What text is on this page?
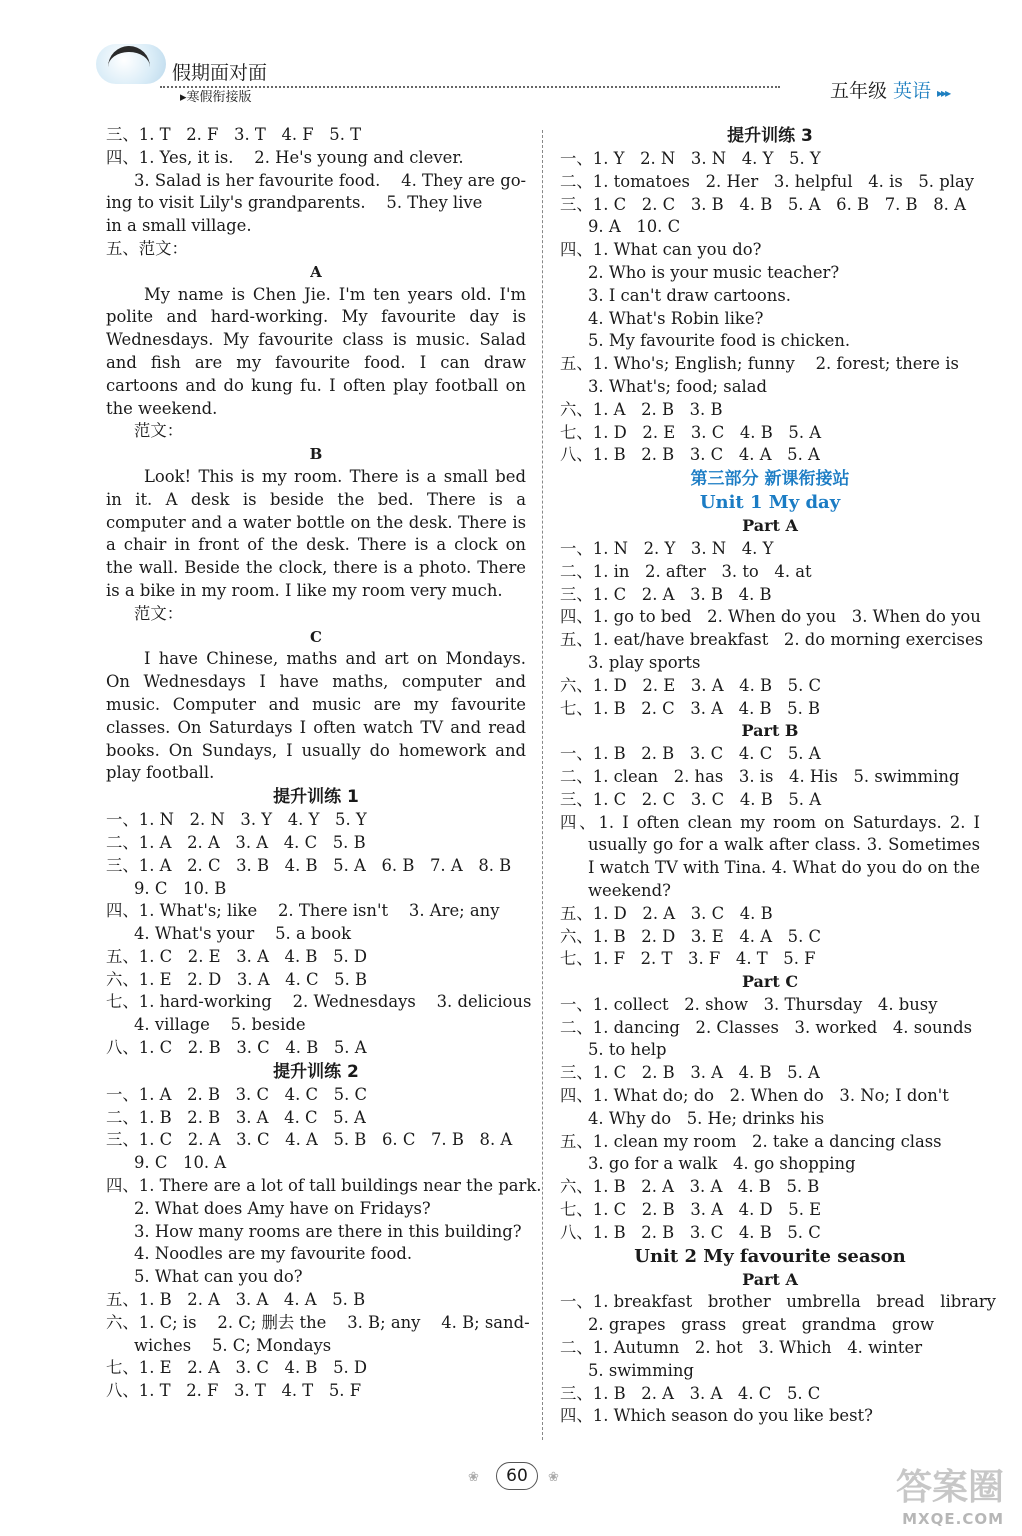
假期面对面
▸寒假衔接版	五年级 英语 ▸▸▸
三、1. T   2. F   3. T   4. F   5. T
四、1. Yes, it is.    2. He's young and clever.
3. Salad is her favourite food.    4. They are go-
ing to visit Lily's grandparents.    5. They live
in a small village.
五、范文：
A
My name is Chen Jie. I'm ten years old. I'm polite and hard-working. My favourite day is Wednesdays. My favourite class is music. Salad and fish are my favourite food. I can draw cartoons and do kung fu. I often play football on the weekend.
范文：
B
Look! This is my room. There is a small bed in it. A desk is beside the bed. There is a computer and a water bottle on the desk. There is a chair in front of the desk. There is a clock on the wall. Beside the clock, there is a photo. There is a bike in my room. I like my room very much.
范文：
C
I have Chinese, maths and art on Mondays. On Wednesdays I have maths, computer and music. Computer and music are my favourite classes. On Saturdays I often watch TV and read books. On Sundays, I usually do homework and play football.
提升训练 1
一、1. N   2. N   3. Y   4. Y   5. Y
二、1. A   2. A   3. A   4. C   5. B
三、1. A   2. C   3. B   4. B   5. A   6. B   7. A   8. B
9. C   10. B
四、1. What's; like    2. There isn't    3. Are; any
4. What's your    5. a book
五、1. C   2. E   3. A   4. B   5. D
六、1. E   2. D   3. A   4. C   5. B
七、1. hard-working    2. Wednesdays    3. delicious
4. village    5. beside
八、1. C   2. B   3. C   4. B   5. A
提升训练 2
一、1. A   2. B   3. C   4. C   5. C
二、1. B   2. B   3. A   4. C   5. A
三、1. C   2. A   3. C   4. A   5. B   6. C   7. B   8. A
9. C   10. A
四、1. There are a lot of tall buildings near the park.
2. What does Amy have on Fridays?
3. How many rooms are there in this building?
4. Noodles are my favourite food.
5. What can you do?
五、1. B   2. A   3. A   4. A   5. B
六、1. C; is    2. C; 删去 the    3. B; any    4. B; sand-
wiches    5. C; Mondays
七、1. E   2. A   3. C   4. B   5. D
八、1. T   2. F   3. T   4. T   5. F
提升训练 3
一、1. Y   2. N   3. N   4. Y   5. Y
二、1. tomatoes   2. Her   3. helpful   4. is   5. play
三、1. C   2. C   3. B   4. B   5. A   6. B   7. B   8. A
9. A   10. C
四、1. What can you do?
2. Who is your music teacher?
3. I can't draw cartoons.
4. What's Robin like?
5. My favourite food is chicken.
五、1. Who's; English; funny    2. forest; there is
3. What's; food; salad
六、1. A   2. B   3. B
七、1. D   2. E   3. C   4. B   5. A
八、1. B   2. B   3. C   4. A   5. A
第三部分 新课衔接站
Unit 1 My day
Part A
一、1. N   2. Y   3. N   4. Y
二、1. in   2. after   3. to   4. at
三、1. C   2. A   3. B   4. B
四、1. go to bed   2. When do you   3. When do you
五、1. eat/have breakfast   2. do morning exercises
3. play sports
六、1. D   2. E   3. A   4. B   5. C
七、1. B   2. C   3. A   4. B   5. B
Part B
一、1. B   2. B   3. C   4. C   5. A
二、1. clean   2. has   3. is   4. His   5. swimming
三、1. C   2. C   3. C   4. B   5. A
四、1. I often clean my room on Saturdays. 2. I usually go for a walk after class. 3. Sometimes I watch TV with Tina. 4. What do you do on the weekend?
五、1. D   2. A   3. C   4. B
六、1. B   2. D   3. E   4. A   5. C
七、1. F   2. T   3. F   4. T   5. F
Part C
一、1. collect   2. show   3. Thursday   4. busy
二、1. dancing   2. Classes   3. worked   4. sounds
5. to help
三、1. C   2. B   3. A   4. B   5. A
四、1. What do; do   2. When do   3. No; I don't
4. Why do   5. He; drinks his
五、1. clean my room   2. take a dancing class
3. go for a walk   4. go shopping
六、1. B   2. A   3. A   4. B   5. B
七、1. C   2. B   3. A   4. D   5. E
八、1. B   2. B   3. C   4. B   5. C
Unit 2 My favourite season
Part A
一、1. breakfast   brother   umbrella   bread   library
2. grapes   grass   great   grandma   grow
二、1. Autumn   2. hot   3. Which   4. winter
5. swimming
三、1. B   2. A   3. A   4. C   5. C
四、1. Which season do you like best?
❀	60	❀	答案圈
MXQE.COM
